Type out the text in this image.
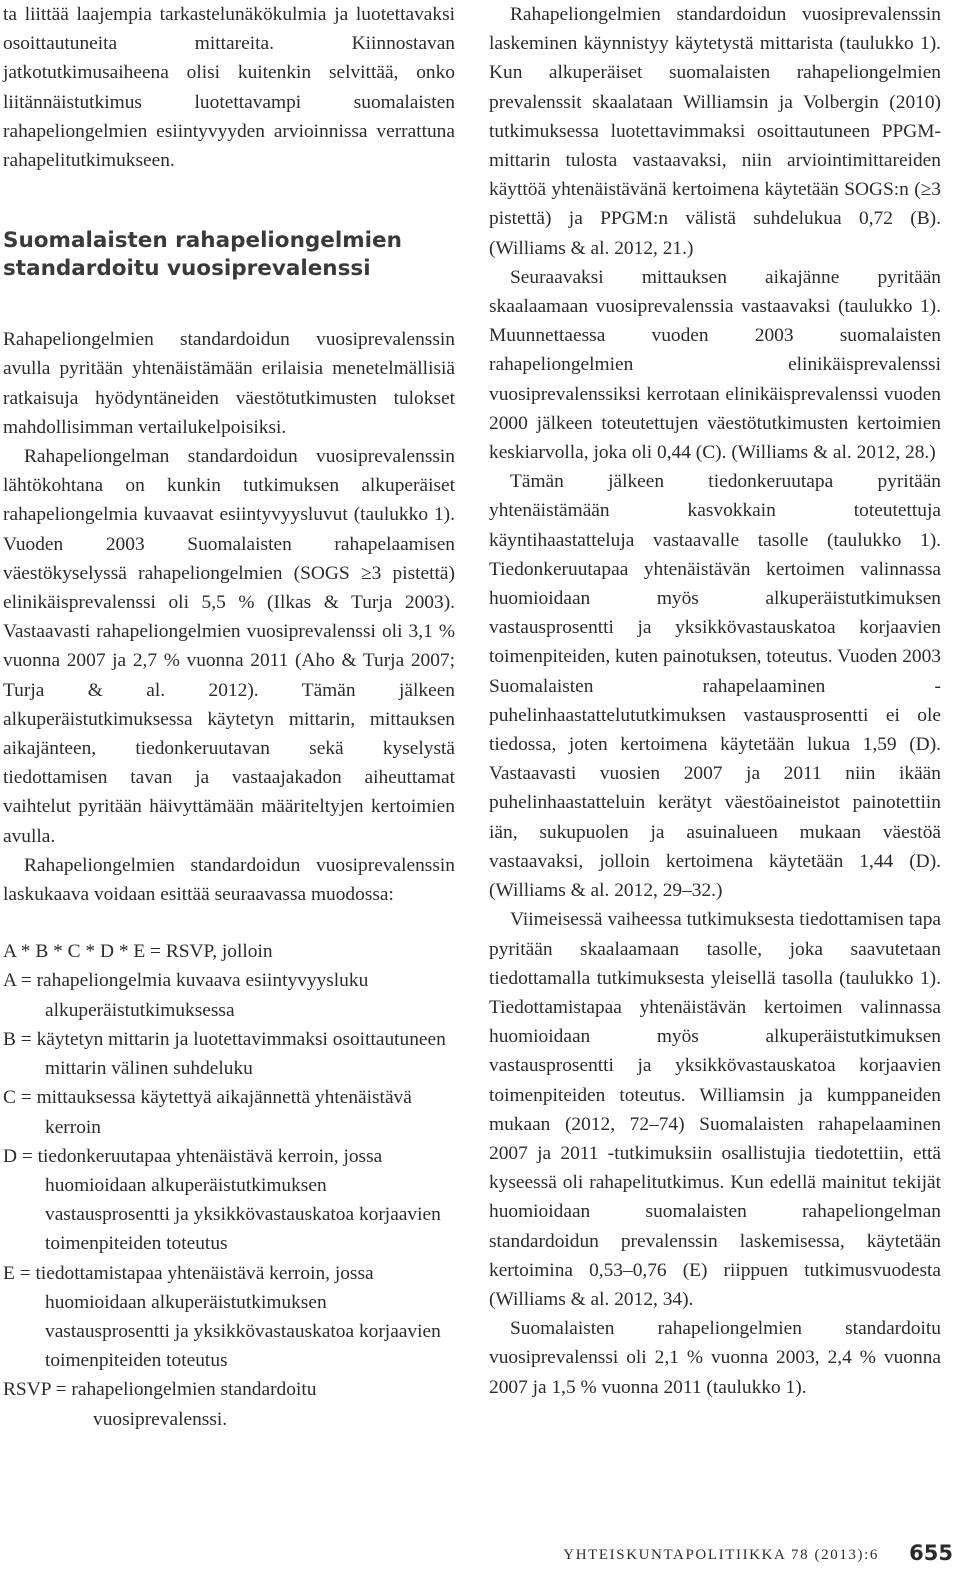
ta liittää laajempia tarkastelunäkökulmia ja luotettavaksi osoittautuneita mittareita. Kiinnostavan jatkotutkimusaiheena olisi kuitenkin selvittää, onko liitännäistutkimus luotettavampi suomalaisten rahapeliongelmien esiintyvyyden arvioinnissa verrattuna rahapelitutkimukseen.

Suomalaisten rahapeliongelmien standardoitu vuosiprevalenssi

Rahapeliongelmien standardoidun vuosiprevalenssin avulla pyritään yhtenäistämään erilaisia menetelmällisiä ratkaisuja hyödyntäneiden väestötutkimusten tulokset mahdollisimman vertailukelpoisiksi.

Rahapeliongelman standardoidun vuosiprevalenssin lähtökohtana on kunkin tutkimuksen alkuperäiset rahapeliongelmia kuvaavat esiintyvyysluvut (taulukko 1). Vuoden 2003 Suomalaisten rahapelaamisen väestökyselyssä rahapeliongelmien (SOGS ≥3 pistettä) elinikäisprevalenssi oli 5,5 % (Ilkas & Turja 2003). Vastaavasti rahapeliongelmien vuosiprevalenssi oli 3,1 % vuonna 2007 ja 2,7 % vuonna 2011 (Aho & Turja 2007; Turja & al. 2012). Tämän jälkeen alkuperäistutkimuksessa käytetyn mittarin, mittauksen aikajänteen, tiedonkeruutavan sekä kyselystä tiedottamisen tavan ja vastaajakadon aiheuttamat vaihtelut pyritään häivyttämään määriteltyjen kertoimien avulla.

Rahapeliongelmien standardoidun vuosiprevalenssin laskukaava voidaan esittää seuraavassa muodossa:

A * B * C * D * E = RSVP, jolloin

A = rahapeliongelmia kuvaava esiintyvyysluku alkuperäistutkimuksessa

B = käytetyn mittarin ja luotettavimmaksi osoittautuneen mittarin välinen suhdeluku

C = mittauksessa käytettyä aikajännettä yhtenäistävä kerroin

D = tiedonkeruutapaa yhtenäistävä kerroin, jossa huomioidaan alkuperäistutkimuksen vastausprosentti ja yksikkövastauskatoa korjaavien toimenpiteiden toteutus

E = tiedottamistapaa yhtenäistävä kerroin, jossa huomioidaan alkuperäistutkimuksen vastausprosentti ja yksikkövastauskatoa korjaavien toimenpiteiden toteutus

RSVP = rahapeliongelmien standardoitu vuosiprevalenssi.

Rahapeliongelmien standardoidun vuosiprevalenssin laskeminen käynnistyy käytetystä mittarista (taulukko 1). Kun alkuperäiset suomalaisten rahapeliongelmien prevalenssit skaalataan Williamsin ja Volbergin (2010) tutkimuksessa luotettavimmaksi osoittautuneen PPGM-mittarin tulosta vastaavaksi, niin arviointimittareiden käyttöä yhtenäistävänä kertoimena käytetään SOGS:n (≥3 pistettä) ja PPGM:n välistä suhdelukua 0,72 (B). (Williams & al. 2012, 21.)

Seuraavaksi mittauksen aikajänne pyritään skaalaamaan vuosiprevalenssia vastaavaksi (taulukko 1). Muunnettaessa vuoden 2003 suomalaisten rahapeliongelmien elinikäisprevalenssi vuosiprevalenssiksi kerrotaan elinikäisprevalenssi vuoden 2000 jälkeen toteutettujen väestötutkimusten kertoimien keskiarvolla, joka oli 0,44 (C). (Williams & al. 2012, 28.)

Tämän jälkeen tiedonkeruutapa pyritään yhtenäistämään kasvokkain toteutettuja käyntihaastatteluja vastaavalle tasolle (taulukko 1). Tiedonkeruutapaa yhtenäistävän kertoimen valinnassa huomioidaan myös alkuperäistutkimuksen vastausprosentti ja yksikkövastauskatoa korjaavien toimenpiteiden, kuten painotuksen, toteutus. Vuoden 2003 Suomalaisten rahapelaaminen -puhelinhaastattelututkimuksen vastausprosentti ei ole tiedossa, joten kertoimena käytetään lukua 1,59 (D). Vastaavasti vuosien 2007 ja 2011 niin ikään puhelinhaastatteluin kerätyt väestöaineistot painotettiin iän, sukupuolen ja asuinalueen mukaan väestöä vastaavaksi, jolloin kertoimena käytetään 1,44 (D). (Williams & al. 2012, 29–32.)

Viimeisessä vaiheessa tutkimuksesta tiedottamisen tapa pyritään skaalaamaan tasolle, joka saavutetaan tiedottamalla tutkimuksesta yleisellä tasolla (taulukko 1). Tiedottamistapaa yhtenäistävän kertoimen valinnassa huomioidaan myös alkuperäistutkimuksen vastausprosentti ja yksikkövastauskatoa korjaavien toimenpiteiden toteutus. Williamsin ja kumppaneiden mukaan (2012, 72–74) Suomalaisten rahapelaaminen 2007 ja 2011 -tutkimuksiin osallistujia tiedotettiin, että kyseessä oli rahapelitutkimus. Kun edellä mainitut tekijät huomioidaan suomalaisten rahapeliongelman standardoidun prevalenssin laskemisessa, käytetään kertoimina 0,53–0,76 (E) riippuen tutkimusvuodesta (Williams & al. 2012, 34).

Suomalaisten rahapeliongelmien standardoitu vuosiprevalenssi oli 2,1 % vuonna 2003, 2,4 % vuonna 2007 ja 1,5 % vuonna 2011 (taulukko 1).

YHTEISKUNTAPOLITIIKKA 78 (2013):6 655
